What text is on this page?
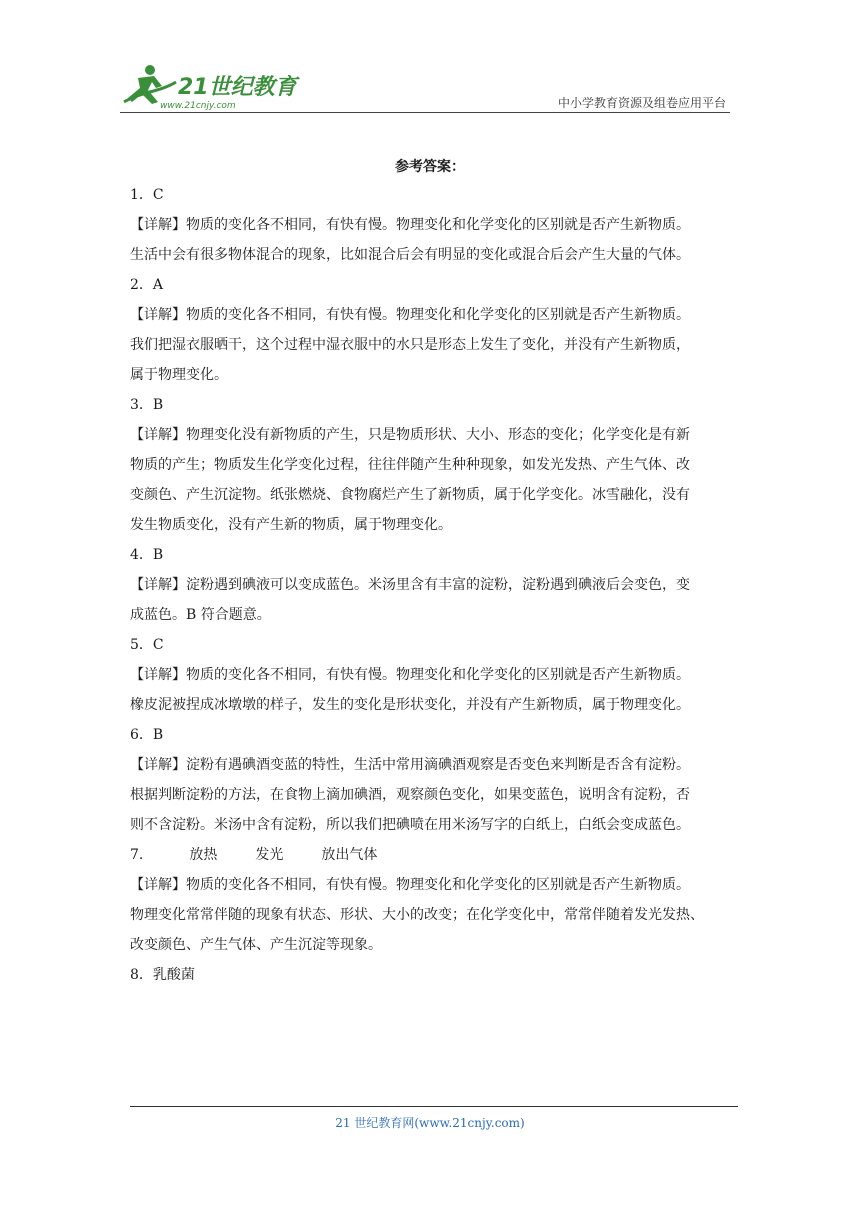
21世纪教育
www.21cnjy.com	中小学教育资源及组卷应用平台
参考答案：

1．C

【详解】物质的变化各不相同，有快有慢。物理变化和化学变化的区别就是否产生新物质。

生活中会有很多物体混合的现象，比如混合后会有明显的变化或混合后会产生大量的气体。

2．A

【详解】物质的变化各不相同，有快有慢。物理变化和化学变化的区别就是否产生新物质。

我们把湿衣服晒干，这个过程中湿衣服中的水只是形态上发生了变化，并没有产生新物质，

属于物理变化。

3．B

【详解】物理变化没有新物质的产生，只是物质形状、大小、形态的变化；化学变化是有新

物质的产生；物质发生化学变化过程，往往伴随产生种种现象，如发光发热、产生气体、改

变颜色、产生沉淀物。纸张燃烧、食物腐烂产生了新物质，属于化学变化。冰雪融化，没有

发生物质变化，没有产生新的物质，属于物理变化。

4．B

【详解】淀粉遇到碘液可以变成蓝色。米汤里含有丰富的淀粉，淀粉遇到碘液后会变色，变

成蓝色。B 符合题意。

5．C

【详解】物质的变化各不相同，有快有慢。物理变化和化学变化的区别就是否产生新物质。

橡皮泥被捏成冰墩墩的样子，发生的变化是形状变化，并没有产生新物质，属于物理变化。

6．B

【详解】淀粉有遇碘酒变蓝的特性，生活中常用滴碘酒观察是否变色来判断是否含有淀粉。

根据判断淀粉的方法，在食物上滴加碘酒，观察颜色变化，如果变蓝色，说明含有淀粉，否

则不含淀粉。米汤中含有淀粉，所以我们把碘喷在用米汤写字的白纸上，白纸会变成蓝色。

7.	放热	发光	放出气体

【详解】物质的变化各不相同，有快有慢。物理变化和化学变化的区别就是否产生新物质。

物理变化常常伴随的现象有状态、形状、大小的改变；在化学变化中，常常伴随着发光发热、

改变颜色、产生气体、产生沉淀等现象。

8．乳酸菌

21 世纪教育网(www.21cnjy.com)
